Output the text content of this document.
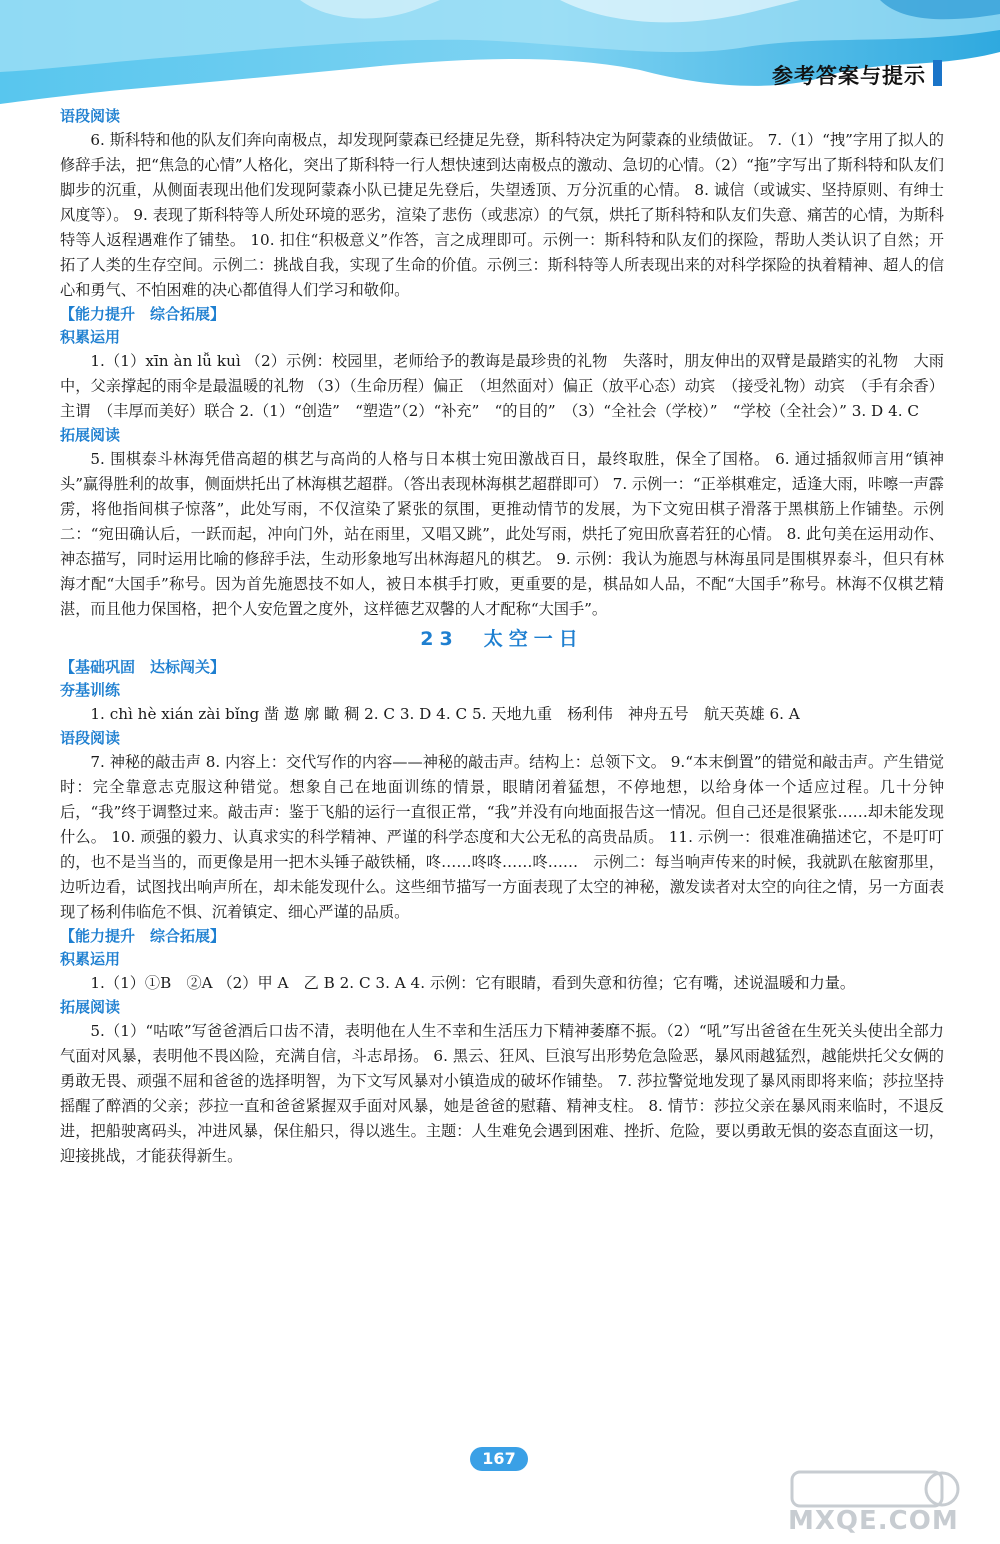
参考答案与提示
语段阅读

6. 斯科特和他的队友们奔向南极点，却发现阿蒙森已经捷足先登，斯科特决定为阿蒙森的业绩做证。 7.（1）“拽”字用了拟人的修辞手法，把“焦急的心情”人格化，突出了斯科特一行人想快速到达南极点的激动、急切的心情。（2）“拖”字写出了斯科特和队友们脚步的沉重，从侧面表现出他们发现阿蒙森小队已捷足先登后，失望透顶、万分沉重的心情。 8. 诚信（或诚实、坚持原则、有绅士风度等）。 9. 表现了斯科特等人所处环境的恶劣，渲染了悲伤（或悲凉）的气氛，烘托了斯科特和队友们失意、痛苦的心情，为斯科特等人返程遇难作了铺垫。 10. 扣住“积极意义”作答，言之成理即可。示例一：斯科特和队友们的探险，帮助人类认识了自然；开拓了人类的生存空间。示例二：挑战自我，实现了生命的价值。示例三：斯科特等人所表现出来的对科学探险的执着精神、超人的信心和勇气、不怕困难的决心都值得人们学习和敬仰。

【能力提升　综合拓展】
积累运用

1.（1）xīn àn lǚ kuì （2）示例：校园里，老师给予的教诲是最珍贵的礼物　失落时，朋友伸出的双臂是最踏实的礼物　大雨中，父亲撑起的雨伞是最温暖的礼物 （3）（生命历程）偏正　（坦然面对）偏正（放平心态）动宾　（接受礼物）动宾　（手有余香）主谓　（丰厚而美好）联合 2.（1）“创造”　“塑造”（2）“补充”　“的目的”　（3）“全社会（学校）”　“学校（全社会）” 3. D 4. C

拓展阅读

5. 围棋泰斗林海凭借高超的棋艺与高尚的人格与日本棋士宛田激战百日，最终取胜，保全了国格。 6. 通过插叙师言用“镇神头”赢得胜利的故事，侧面烘托出了林海棋艺超群。（答出表现林海棋艺超群即可） 7. 示例一：“正举棋难定，适逢大雨，咔嚓一声霹雳，将他指间棋子惊落”，此处写雨，不仅渲染了紧张的氛围，更推动情节的发展，为下文宛田棋子滑落于黑棋筋上作铺垫。示例二：“宛田确认后，一跃而起，冲向门外，站在雨里，又唱又跳”，此处写雨，烘托了宛田欣喜若狂的心情。 8. 此句美在运用动作、神态描写，同时运用比喻的修辞手法，生动形象地写出林海超凡的棋艺。 9. 示例：我认为施恩与林海虽同是围棋界泰斗，但只有林海才配“大国手”称号。因为首先施恩技不如人，被日本棋手打败，更重要的是，棋品如人品，不配“大国手”称号。林海不仅棋艺精湛，而且他力保国格，把个人安危置之度外，这样德艺双馨的人才配称“大国手”。

23　太空一日
【基础巩固　达标闯关】
夯基训练

1. chì hè xián zài bǐng 凿 遨 廓 瞰 稠 2. C 3. D 4. C 5. 天地九重　杨利伟　神舟五号　航天英雄 6. A

语段阅读

7. 神秘的敲击声 8. 内容上：交代写作的内容——神秘的敲击声。结构上：总领下文。 9.“本末倒置”的错觉和敲击声。产生错觉时：完全靠意志克服这种错觉。想象自己在地面训练的情景，眼睛闭着猛想，不停地想，以给身体一个适应过程。几十分钟后，“我”终于调整过来。敲击声：鉴于飞船的运行一直很正常，“我”并没有向地面报告这一情况。但自己还是很紧张……却未能发现什么。 10. 顽强的毅力、认真求实的科学精神、严谨的科学态度和大公无私的高贵品质。 11. 示例一：很难准确描述它，不是叮叮的，也不是当当的，而更像是用一把木头锤子敲铁桶，咚……咚咚……咚……　示例二：每当响声传来的时候，我就趴在舷窗那里，边听边看，试图找出响声所在，却未能发现什么。这些细节描写一方面表现了太空的神秘，激发读者对太空的向往之情，另一方面表现了杨利伟临危不惧、沉着镇定、细心严谨的品质。

【能力提升　综合拓展】
积累运用

1.（1）①B　②A （2）甲 A　乙 B 2. C 3. A 4. 示例：它有眼睛，看到失意和彷徨；它有嘴，述说温暖和力量。

拓展阅读

5.（1）“咕哝”写爸爸酒后口齿不清，表明他在人生不幸和生活压力下精神萎靡不振。（2）“吼”写出爸爸在生死关头使出全部力气面对风暴，表明他不畏凶险，充满自信，斗志昂扬。 6. 黑云、狂风、巨浪写出形势危急险恶，暴风雨越猛烈，越能烘托父女俩的勇敢无畏、顽强不屈和爸爸的选择明智，为下文写风暴对小镇造成的破坏作铺垫。 7. 莎拉警觉地发现了暴风雨即将来临；莎拉坚持摇醒了醉酒的父亲；莎拉一直和爸爸紧握双手面对风暴，她是爸爸的慰藉、精神支柱。 8. 情节：莎拉父亲在暴风雨来临时，不退反进，把船驶离码头，冲进风暴，保住船只，得以逃生。主题：人生难免会遇到困难、挫折、危险，要以勇敢无惧的姿态直面这一切，迎接挑战，才能获得新生。

167
MXQE.COM
